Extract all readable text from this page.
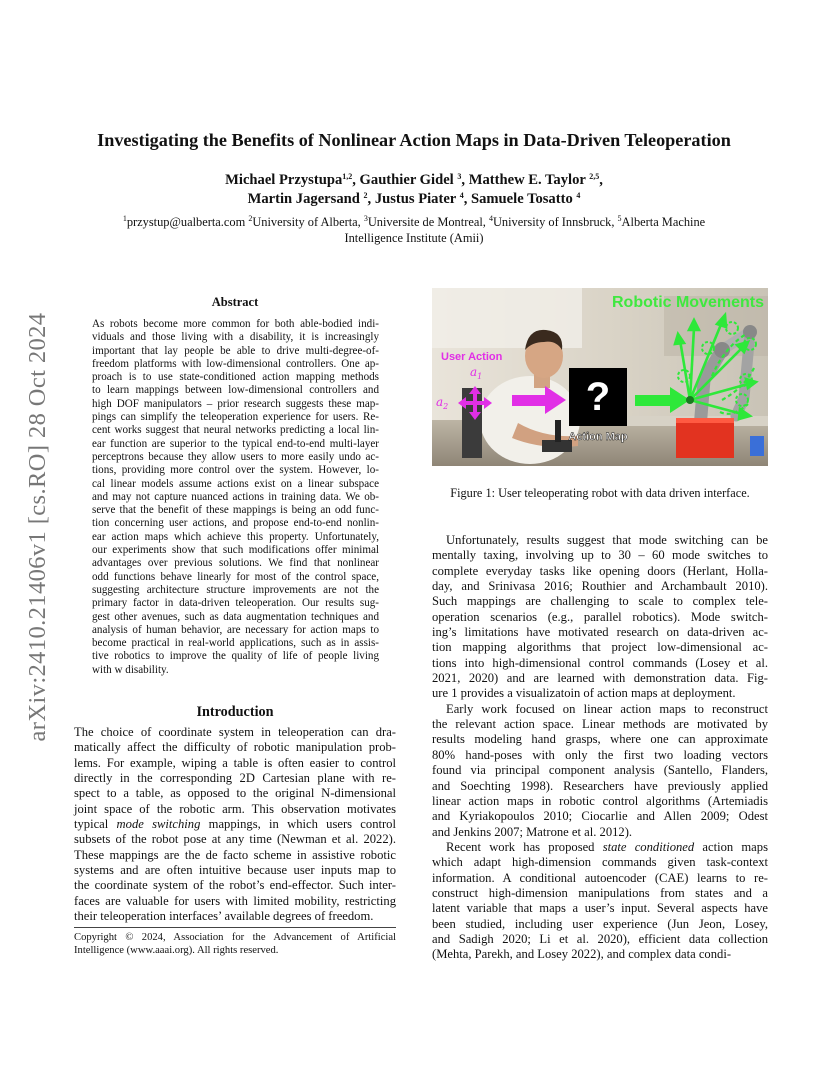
arXiv:2410.21406v1 [cs.RO] 28 Oct 2024
Investigating the Benefits of Nonlinear Action Maps in Data-Driven Teleoperation
Michael Przystupa$^{1,2}$, Gauthier Gidel $^3$, Matthew E. Taylor $^{2,5}$,
Martin Jagersand $^2$, Justus Piater $^4$, Samuele Tosatto $^4$
$^1$przystup@ualberta.com $^2$University of Alberta, $^3$Universite de Montreal, $^4$University of Innsbruck, $^5$Alberta Machine
Intelligence Institute (Amii)
Abstract
As robots become more common for both able-bodied indi-
viduals and those living with a disability, it is increasingly
important that lay people be able to drive multi-degree-of-
freedom platforms with low-dimensional controllers. One ap-
proach is to use state-conditioned action mapping methods
to learn mappings between low-dimensional controllers and
high DOF manipulators – prior research suggests these map-
pings can simplify the teleoperation experience for users. Re-
cent works suggest that neural networks predicting a local lin-
ear function are superior to the typical end-to-end multi-layer
perceptrons because they allow users to more easily undo ac-
tions, providing more control over the system. However, lo-
cal linear models assume actions exist on a linear subspace
and may not capture nuanced actions in training data. We ob-
serve that the benefit of these mappings is being an odd func-
tion concerning user actions, and propose end-to-end nonlin-
ear action maps which achieve this property. Unfortunately,
our experiments show that such modifications offer minimal
advantages over previous solutions. We find that nonlinear
odd functions behave linearly for most of the control space,
suggesting architecture structure improvements are not the
primary factor in data-driven teleoperation. Our results sug-
gest other avenues, such as data augmentation techniques and
analysis of human behavior, are necessary for action maps to
become practical in real-world applications, such as in assis-
tive robotics to improve the quality of life of people living
with w disability.
Introduction
The choice of coordinate system in teleoperation can dra-
matically affect the difficulty of robotic manipulation prob-
lems. For example, wiping a table is often easier to control
directly in the corresponding 2D Cartesian plane with re-
spect to a table, as opposed to the original N-dimensional
joint space of the robotic arm. This observation motivates
typical mode switching mappings, in which users control
subsets of the robot pose at any time (Newman et al. 2022).
These mappings are the de facto scheme in assistive robotic
systems and are often intuitive because user inputs map to
the coordinate system of the robot’s end-effector. Such inter-
faces are valuable for users with limited mobility, restricting
their teleoperation interfaces’ available degrees of freedom.
Copyright © 2024, Association for the Advancement of Artificial
Intelligence (www.aaai.org). All rights reserved.
?
Action Map
User Action
$a_1$
$a_2$
Robotic Movements
Figure 1: User teleoperating robot with data driven interface.
Unfortunately, results suggest that mode switching can be
mentally taxing, involving up to 30 – 60 mode switches to
complete everyday tasks like opening doors (Herlant, Holla-
day, and Srinivasa 2016; Routhier and Archambault 2010).
Such mappings are challenging to scale to complex tele-
operation scenarios (e.g., parallel robotics). Mode switch-
ing’s limitations have motivated research on data-driven ac-
tion mapping algorithms that project low-dimensional ac-
tions into high-dimensional control commands (Losey et al.
2021, 2020) and are learned with demonstration data. Fig-
ure 1 provides a visualizatoin of action maps at deployment.
Early work focused on linear action maps to reconstruct
the relevant action space. Linear methods are motivated by
results modeling hand grasps, where one can approximate
80% hand-poses with only the first two loading vectors
found via principal component analysis (Santello, Flanders,
and Soechting 1998). Researchers have previously applied
linear action maps in robotic control algorithms (Artemiadis
and Kyriakopoulos 2010; Ciocarlie and Allen 2009; Odest
and Jenkins 2007; Matrone et al. 2012).
Recent work has proposed state conditioned action maps
which adapt high-dimension commands given task-context
information. A conditional autoencoder (CAE) learns to re-
construct high-dimension manipulations from states and a
latent variable that maps a user’s input. Several aspects have
been studied, including user experience (Jun Jeon, Losey,
and Sadigh 2020; Li et al. 2020), efficient data collection
(Mehta, Parekh, and Losey 2022), and complex data condi-
